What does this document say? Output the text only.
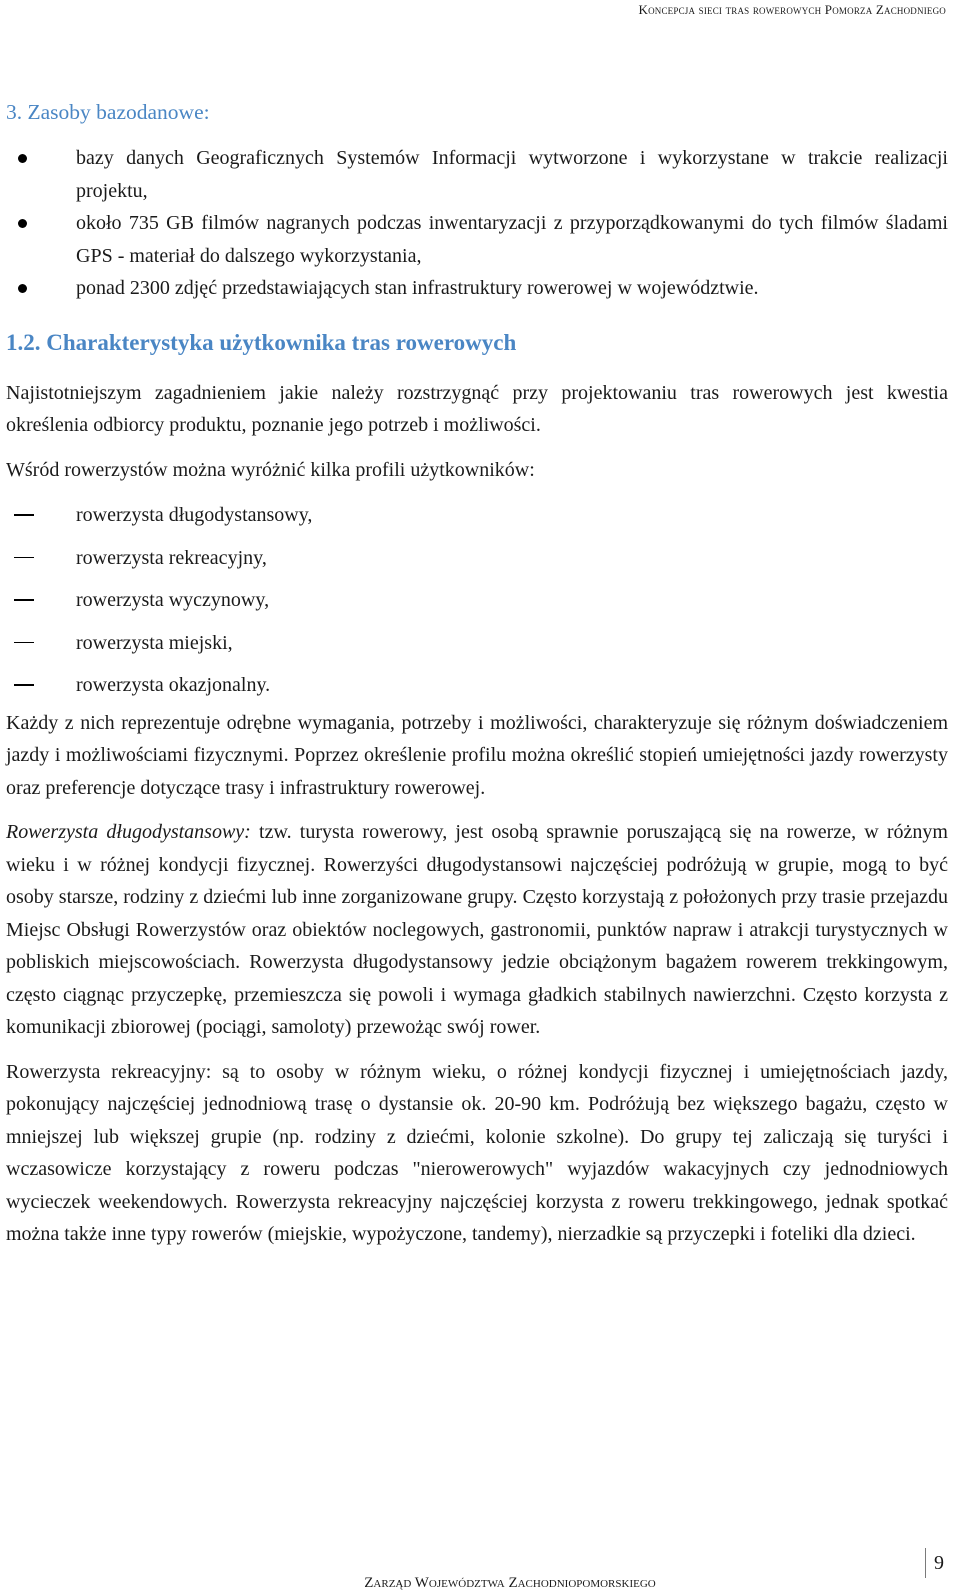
Koncepcja sieci tras rowerowych Pomorza Zachodniego
3. Zasoby bazodanowe:
bazy danych Geograficznych Systemów Informacji wytworzone i wykorzystane w trakcie realizacji projektu,
około 735 GB filmów nagranych podczas inwentaryzacji z przyporządkowanymi do tych filmów śladami GPS - materiał do dalszego wykorzystania,
ponad 2300 zdjęć przedstawiających stan infrastruktury rowerowej w województwie.
1.2. Charakterystyka użytkownika tras rowerowych

Najistotniejszym zagadnieniem jakie należy rozstrzygnąć przy projektowaniu tras rowerowych jest kwestia określenia odbiorcy produktu, poznanie jego potrzeb i możliwości.

Wśród rowerzystów można wyróżnić kilka profili użytkowników:

rowerzysta długodystansowy,
rowerzysta rekreacyjny,
rowerzysta wyczynowy,
rowerzysta miejski,
rowerzysta okazjonalny.

Każdy z nich reprezentuje odrębne wymagania, potrzeby i możliwości, charakteryzuje się różnym doświadczeniem jazdy i możliwościami fizycznymi. Poprzez określenie profilu można określić stopień umiejętności jazdy rowerzysty oraz preferencje dotyczące trasy i infrastruktury rowerowej.

Rowerzysta długodystansowy: tzw. turysta rowerowy, jest osobą sprawnie poruszającą się na rowerze, w różnym wieku i w różnej kondycji fizycznej. Rowerzyści długodystansowi najczęściej podróżują w grupie, mogą to być osoby starsze, rodziny z dziećmi lub inne zorganizowane grupy. Często korzystają z położonych przy trasie przejazdu Miejsc Obsługi Rowerzystów oraz obiektów noclegowych, gastronomii, punktów napraw i atrakcji turystycznych w pobliskich miejscowościach. Rowerzysta długodystansowy jedzie obciążonym bagażem rowerem trekkingowym, często ciągnąc przyczepkę, przemieszcza się powoli i wymaga gładkich stabilnych nawierzchni. Często korzysta z komunikacji zbiorowej (pociągi, samoloty) przewożąc swój rower.

Rowerzysta rekreacyjny: są to osoby w różnym wieku, o różnej kondycji fizycznej i umiejętnościach jazdy, pokonujący najczęściej jednodniową trasę o dystansie ok. 20-90 km. Podróżują bez większego bagażu, często w mniejszej lub większej grupie (np. rodziny z dziećmi, kolonie szkolne). Do grupy tej zaliczają się turyści i wczasowicze korzystający z roweru podczas "nierowerowych" wyjazdów wakacyjnych czy jednodniowych wycieczek weekendowych. Rowerzysta rekreacyjny najczęściej korzysta z roweru trekkingowego, jednak spotkać można także inne typy rowerów (miejskie, wypożyczone, tandemy), nierzadkie są przyczepki i foteliki dla dzieci.

9
Zarząd Województwa Zachodniopomorskiego
